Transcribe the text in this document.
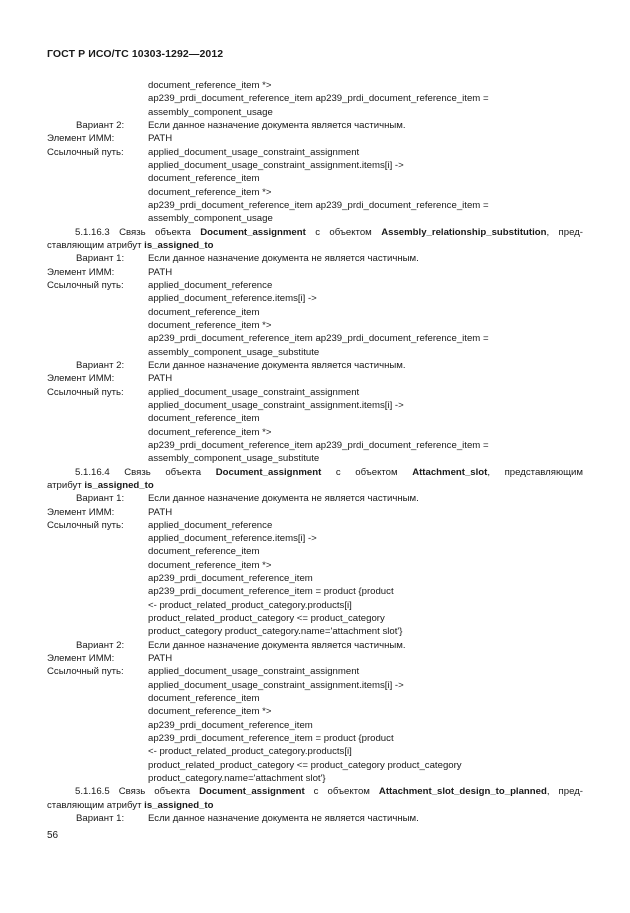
ГОСТ Р ИСО/ТС 10303-1292—2012
document_reference_item *>
ap239_prdi_document_reference_item ap239_prdi_document_reference_item =
assembly_component_usage
Вариант 2: Если данное назначение документа является частичным.
Элемент ИММ:	PATH
Ссылочный путь:	applied_document_usage_constraint_assignment
applied_document_usage_constraint_assignment.items[i] ->
document_reference_item
document_reference_item *>
ap239_prdi_document_reference_item ap239_prdi_document_reference_item =
assembly_component_usage
5.1.16.3 Связь объекта Document_assignment с объектом Assembly_relationship_substitution, пред-
ставляющим атрибут is_assigned_to
Вариант 1: Если данное назначение документа не является частичным.
Элемент ИММ:	PATH
Ссылочный путь:	applied_document_reference
applied_document_reference.items[i] ->
document_reference_item
document_reference_item *>
ap239_prdi_document_reference_item ap239_prdi_document_reference_item =
assembly_component_usage_substitute
Вариант 2: Если данное назначение документа является частичным.
Элемент ИММ:	PATH
Ссылочный путь:	applied_document_usage_constraint_assignment
applied_document_usage_constraint_assignment.items[i] ->
document_reference_item
document_reference_item *>
ap239_prdi_document_reference_item ap239_prdi_document_reference_item =
assembly_component_usage_substitute
5.1.16.4 Связь объекта Document_assignment с объектом Attachment_slot, представляющим
атрибут is_assigned_to
Вариант 1: Если данное назначение документа не является частичным.
Элемент ИММ:	PATH
Ссылочный путь:	applied_document_reference
applied_document_reference.items[i] ->
document_reference_item
document_reference_item *>
ap239_prdi_document_reference_item
ap239_prdi_document_reference_item = product {product
<- product_related_product_category.products[i]
product_related_product_category <= product_category
product_category product_category.name='attachment slot'}
Вариант 2: Если данное назначение документа является частичным.
Элемент ИММ:	PATH
Ссылочный путь:	applied_document_usage_constraint_assignment
applied_document_usage_constraint_assignment.items[i] ->
document_reference_item
document_reference_item *>
ap239_prdi_document_reference_item
ap239_prdi_document_reference_item = product {product
<- product_related_product_category.products[i]
product_related_product_category <= product_category product_category
product_category.name='attachment slot'}
5.1.16.5 Связь объекта Document_assignment с объектом Attachment_slot_design_to_planned, пред-
ставляющим атрибут is_assigned_to
Вариант 1: Если данное назначение документа не является частичным.
56
